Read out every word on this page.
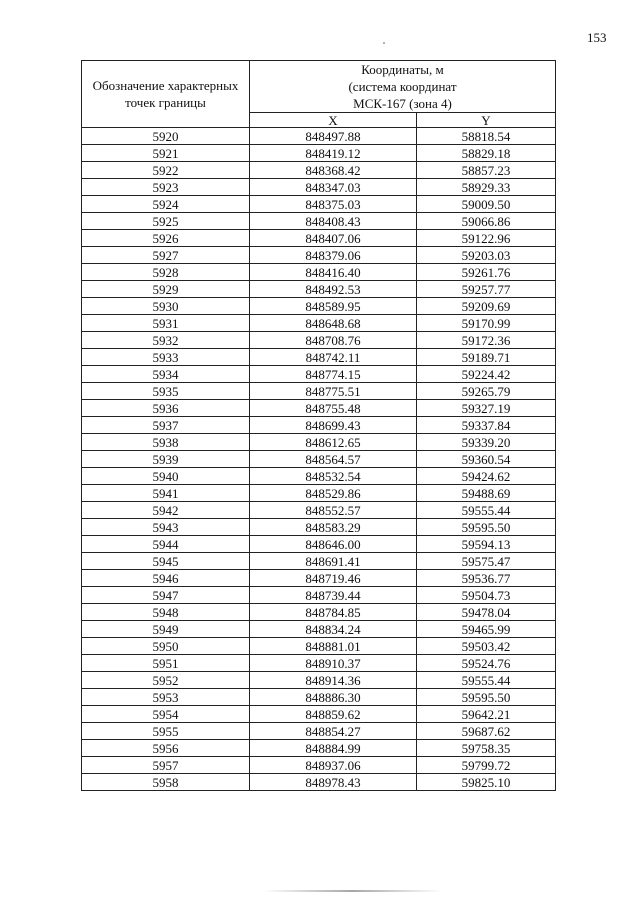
153
Обозначение характерных точек границы	Координаты, м
(система координат
МСК-167 (зона 4)	
	X	Y
5920	848497.88	58818.54
5921	848419.12	58829.18
5922	848368.42	58857.23
5923	848347.03	58929.33
5924	848375.03	59009.50
5925	848408.43	59066.86
5926	848407.06	59122.96
5927	848379.06	59203.03
5928	848416.40	59261.76
5929	848492.53	59257.77
5930	848589.95	59209.69
5931	848648.68	59170.99
5932	848708.76	59172.36
5933	848742.11	59189.71
5934	848774.15	59224.42
5935	848775.51	59265.79
5936	848755.48	59327.19
5937	848699.43	59337.84
5938	848612.65	59339.20
5939	848564.57	59360.54
5940	848532.54	59424.62
5941	848529.86	59488.69
5942	848552.57	59555.44
5943	848583.29	59595.50
5944	848646.00	59594.13
5945	848691.41	59575.47
5946	848719.46	59536.77
5947	848739.44	59504.73
5948	848784.85	59478.04
5949	848834.24	59465.99
5950	848881.01	59503.42
5951	848910.37	59524.76
5952	848914.36	59555.44
5953	848886.30	59595.50
5954	848859.62	59642.21
5955	848854.27	59687.62
5956	848884.99	59758.35
5957	848937.06	59799.72
5958	848978.43	59825.10
